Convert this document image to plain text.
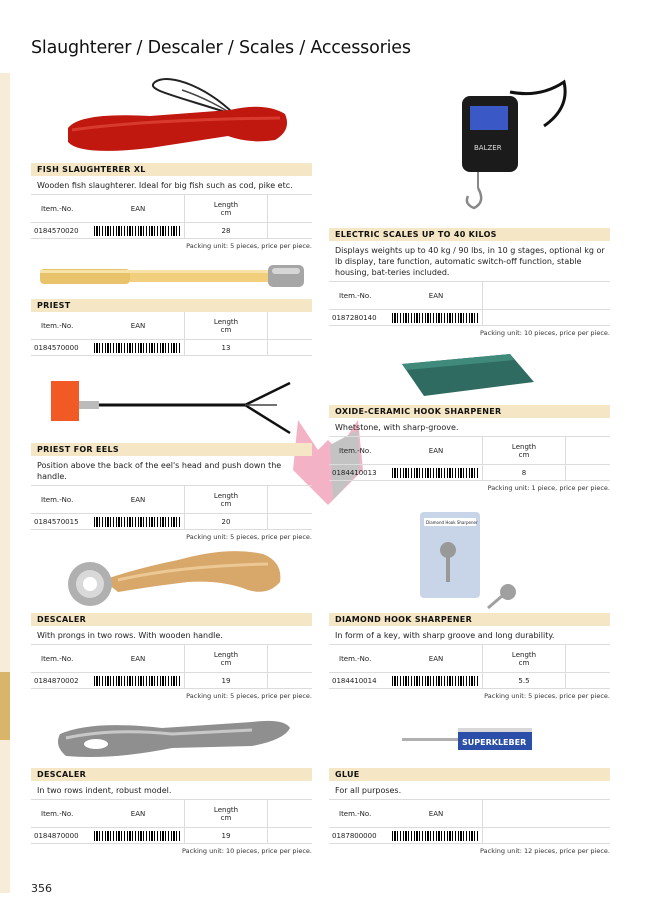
Slaughterer / Descaler / Scales / Accessories
356
BALZER
Diamond Hook Sharpener
SUPERKLEBER
FISH SLAUGHTERER XL
Wooden fish slaughterer. Ideal for big fish such as cod, pike etc.
Item.-No.	EAN	Length
cm	
0184570020		28	
Packing unit: 5 pieces, price per piece.
PRIEST
Item.-No.	EAN	Length
cm	
0184570000		13	
PRIEST FOR EELS
Position above the back of the eel's head and push down the handle.
Item.-No.	EAN	Length
cm	
0184570015		20	
Packing unit: 5 pieces, price per piece.
DESCALER
With prongs in two rows. With wooden handle.
Item.-No.	EAN	Length
cm	
0184870002		19	
Packing unit: 5 pieces, price per piece.
DESCALER
In two rows indent, robust model.
Item.-No.	EAN	Length
cm	
0184870000		19	
Packing unit: 10 pieces, price per piece.
ELECTRIC SCALES UP TO 40 KILOS
Displays weights up to 40 kg / 90 lbs, in 10 g stages, optional kg or lb display, tare function, automatic switch-off function, stable housing, bat-teries included.
Item.-No.	EAN	
0187280140	

Packing unit: 10 pieces, price per piece.
OXIDE-CERAMIC HOOK SHARPENER
Whetstone, with sharp-groove.
Item.-No.	EAN	Length
cm	
0184410013		8	
Packing unit: 1 piece, price per piece.
DIAMOND HOOK SHARPENER
In form of a key, with sharp groove and long durability.
Item.-No.	EAN	Length
cm	
0184410014		5.5	
Packing unit: 5 pieces, price per piece.
GLUE
For all purposes.
Item.-No.	EAN	
0187800000	

Packing unit: 12 pieces, price per piece.
